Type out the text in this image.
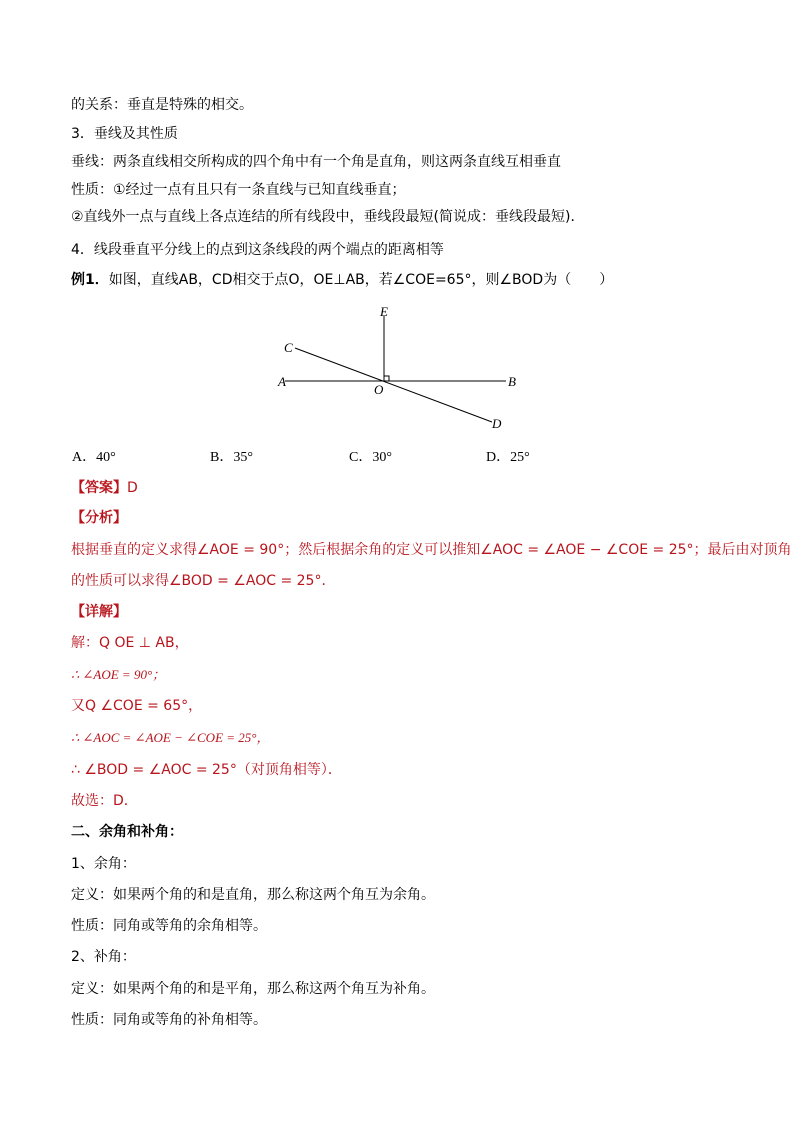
的关系：垂直是特殊的相交。
3．垂线及其性质
垂线：两条直线相交所构成的四个角中有一个角是直角，则这两条直线互相垂直
性质：①经过一点有且只有一条直线与已知直线垂直；
②直线外一点与直线上各点连结的所有线段中，垂线段最短(简说成：垂线段最短)．
4．线段垂直平分线上的点到这条线段的两个端点的距离相等
例1．如图，直线AB，CD相交于点O，OE⊥AB，若∠COE=65°，则∠BOD为（　　）
E
C
A
O
B
D
A．40°	B．35°	C．30°	D．25°
【答案】D
【分析】
根据垂直的定义求得∠AOE = 90°；然后根据余角的定义可以推知∠AOC = ∠AOE − ∠COE = 25°；最后由对顶角
的性质可以求得∠BOD = ∠AOC = 25°．
【详解】
解：Q OE ⊥ AB，
∴ ∠AOE = 90°；
又Q ∠COE = 65°，
∴ ∠AOC = ∠AOE − ∠COE = 25°，
∴ ∠BOD = ∠AOC = 25°（对顶角相等）．
故选：D．
二、余角和补角：
1、余角：
定义：如果两个角的和是直角，那么称这两个角互为余角。
性质：同角或等角的余角相等。
2、补角：
定义：如果两个角的和是平角，那么称这两个角互为补角。
性质：同角或等角的补角相等。
